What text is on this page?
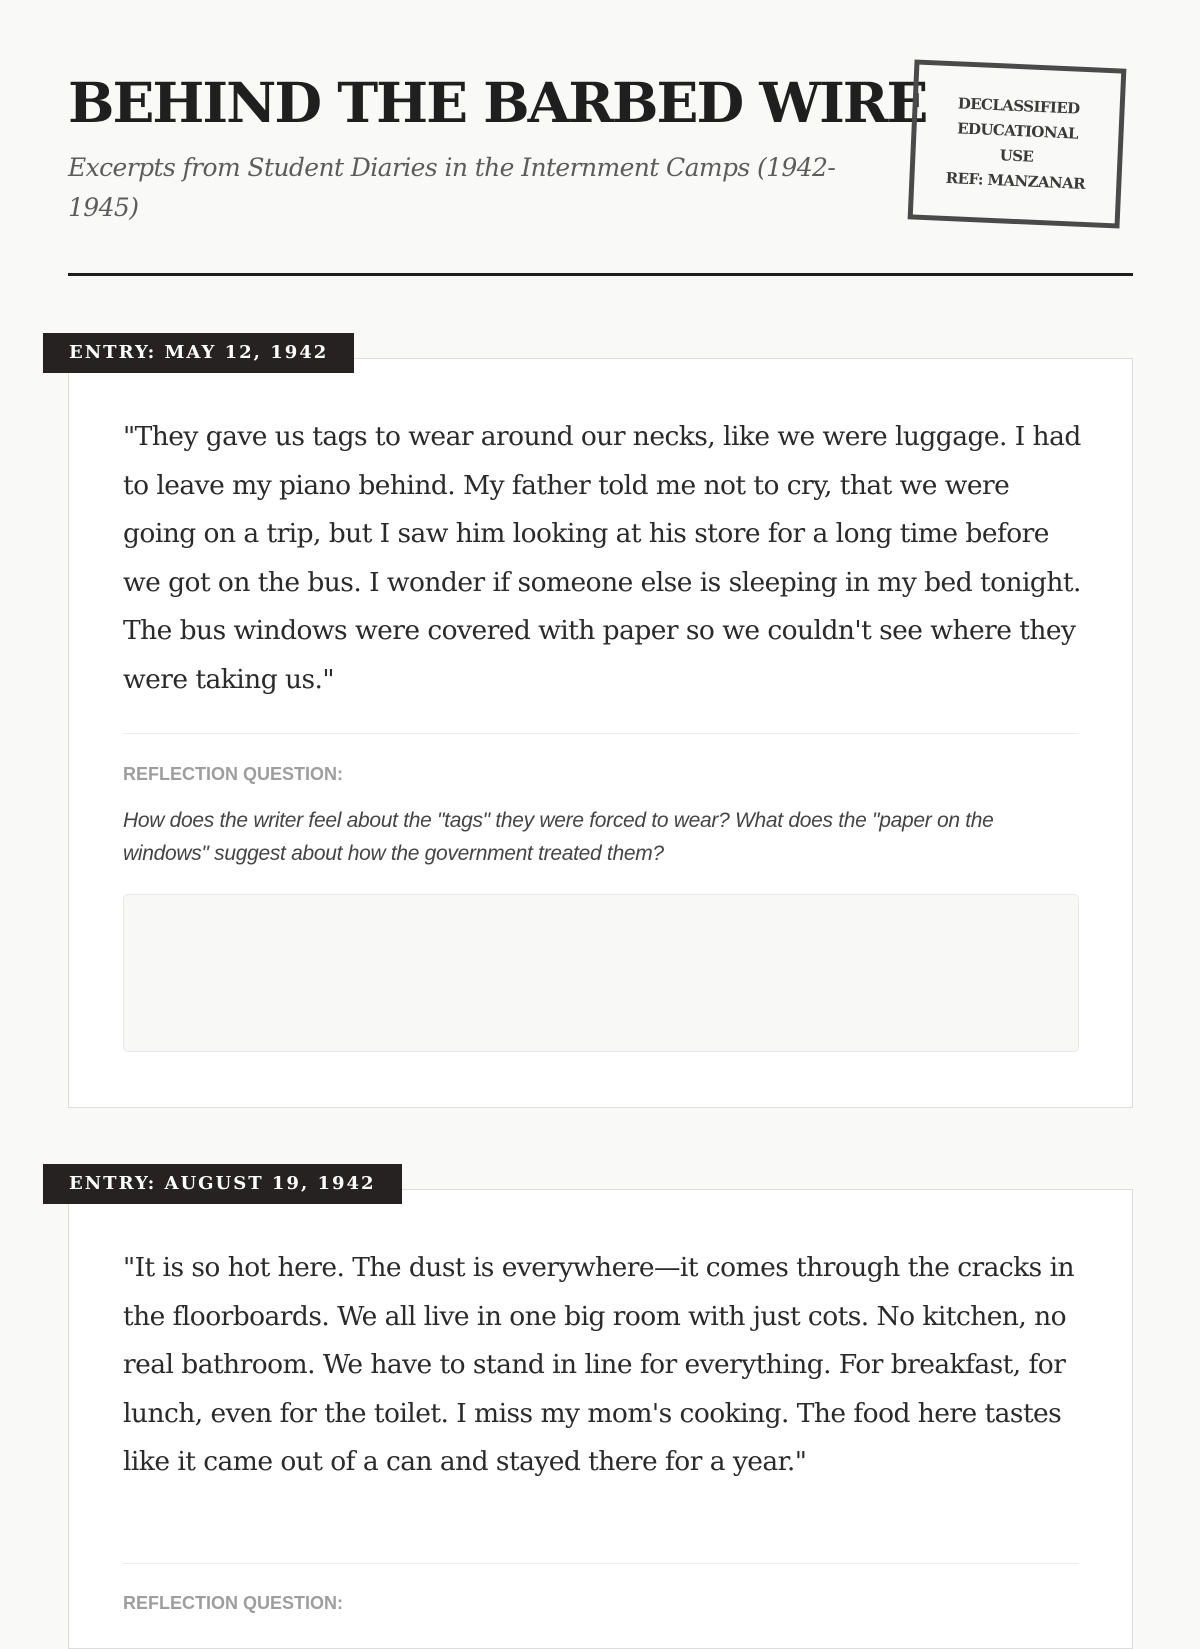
BEHIND THE BARBED WIRE

Excerpts from Student Diaries in the Internment Camps (1942-1945)

DECLASSIFIED
EDUCATIONAL
USE
REF: MANZANAR
ENTRY: MAY 12, 1942

"They gave us tags to wear around our necks, like we were luggage. I had to leave my piano behind. My father told me not to cry, that we were going on a trip, but I saw him looking at his store for a long time before we got on the bus. I wonder if someone else is sleeping in my bed tonight. The bus windows were covered with paper so we couldn't see where they were taking us."

REFLECTION QUESTION:

How does the writer feel about the "tags" they were forced to wear? What does the "paper on the windows" suggest about how the government treated them?

ENTRY: AUGUST 19, 1942

"It is so hot here. The dust is everywhere—it comes through the cracks in the floorboards. We all live in one big room with just cots. No kitchen, no real bathroom. We have to stand in line for everything. For breakfast, for lunch, even for the toilet. I miss my mom's cooking. The food here tastes like it came out of a can and stayed there for a year."

REFLECTION QUESTION:
